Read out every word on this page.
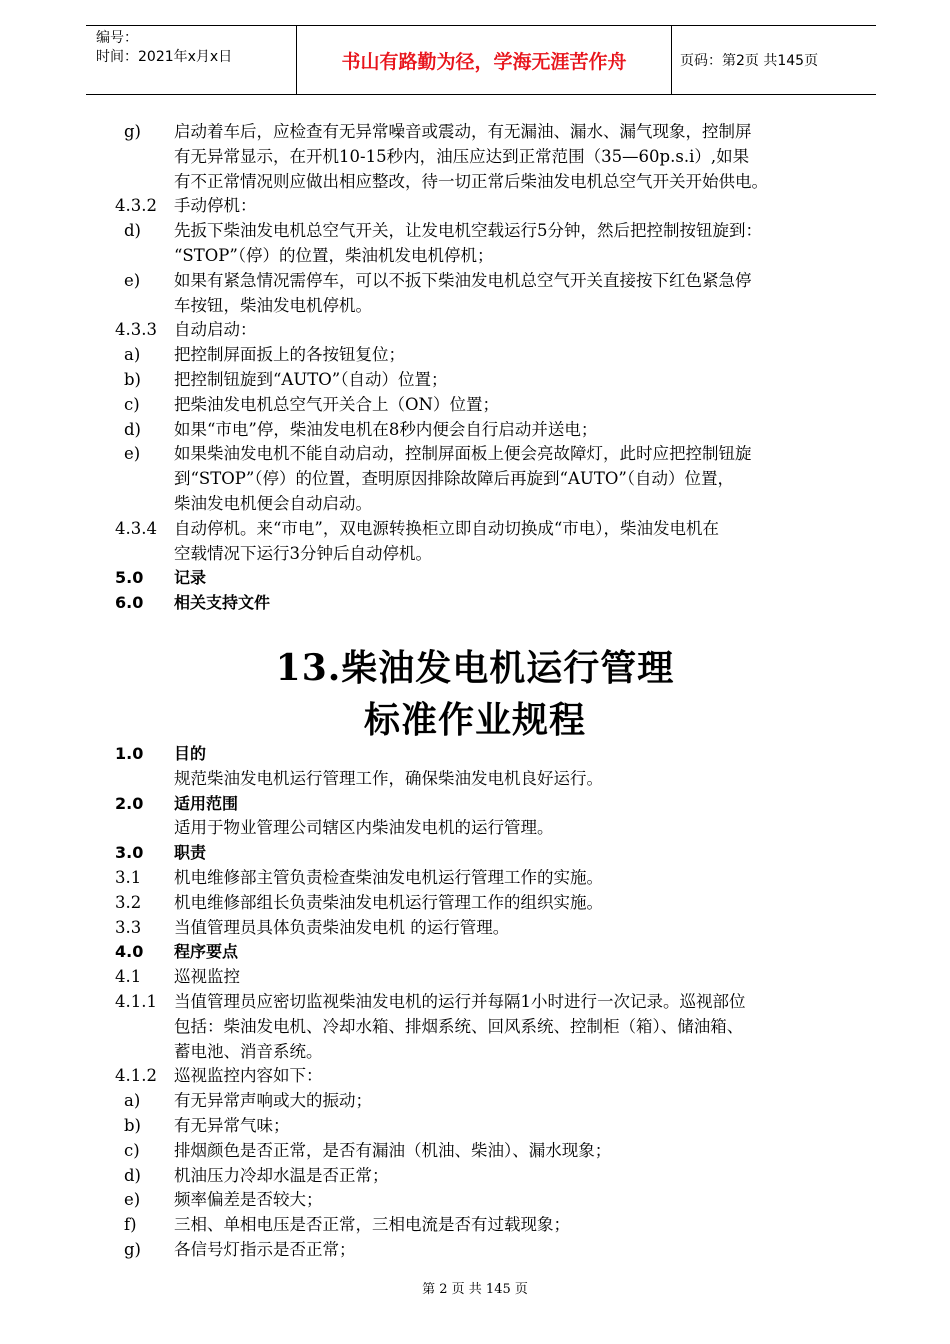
编号：
时间：2021年x月x日	书山有路勤为径，学海无涯苦作舟	页码：第2页 共145页
g) 启动着车后，应检查有无异常噪音或震动，有无漏油、漏水、漏气现象，控制屏
有无异常显示，在开机10-15秒内，油压应达到正常范围（35—60p.s.i）,如果
有不正常情况则应做出相应整改，待一切正常后柴油发电机总空气开关开始供电。
4.3.2 手动停机：
d) 先扳下柴油发电机总空气开关，让发电机空载运行5分钟，然后把控制按钮旋到：
“STOP”（停）的位置，柴油机发电机停机；
e) 如果有紧急情况需停车，可以不扳下柴油发电机总空气开关直接按下红色紧急停
车按钮，柴油发电机停机。
4.3.3 自动启动：
a) 把控制屏面扳上的各按钮复位；
b) 把控制钮旋到“AUTO”（自动）位置；
c) 把柴油发电机总空气开关合上（ON）位置；
d) 如果“市电”停，柴油发电机在8秒内便会自行启动并送电；
e) 如果柴油发电机不能自动启动，控制屏面板上便会亮故障灯，此时应把控制钮旋
到“STOP”（停）的位置，查明原因排除故障后再旋到“AUTO”（自动）位置，
柴油发电机便会自动启动。
4.3.4 自动停机。来“市电”，双电源转换柜立即自动切换成“市电），柴油发电机在
空载情况下运行3分钟后自动停机。
5.0 记录
6.0 相关支持文件
13.柴油发电机运行管理
标准作业规程
1.0 目的
规范柴油发电机运行管理工作，确保柴油发电机良好运行。
2.0 适用范围
适用于物业管理公司辖区内柴油发电机的运行管理。
3.0 职责
3.1 机电维修部主管负责检查柴油发电机运行管理工作的实施。
3.2 机电维修部组长负责柴油发电机运行管理工作的组织实施。
3.3 当值管理员具体负责柴油发电机 的运行管理。
4.0 程序要点
4.1 巡视监控
4.1.1 当值管理员应密切监视柴油发电机的运行并每隔1小时进行一次记录。巡视部位
包括：柴油发电机、冷却水箱、排烟系统、回风系统、控制柜（箱）、储油箱、
蓄电池、消音系统。
4.1.2 巡视监控内容如下：
a) 有无异常声响或大的振动；
b) 有无异常气味；
c) 排烟颜色是否正常，是否有漏油（机油、柴油）、漏水现象；
d) 机油压力冷却水温是否正常；
e) 频率偏差是否较大；
f) 三相、单相电压是否正常，三相电流是否有过载现象；
g) 各信号灯指示是否正常；
第 2 页 共 145 页
